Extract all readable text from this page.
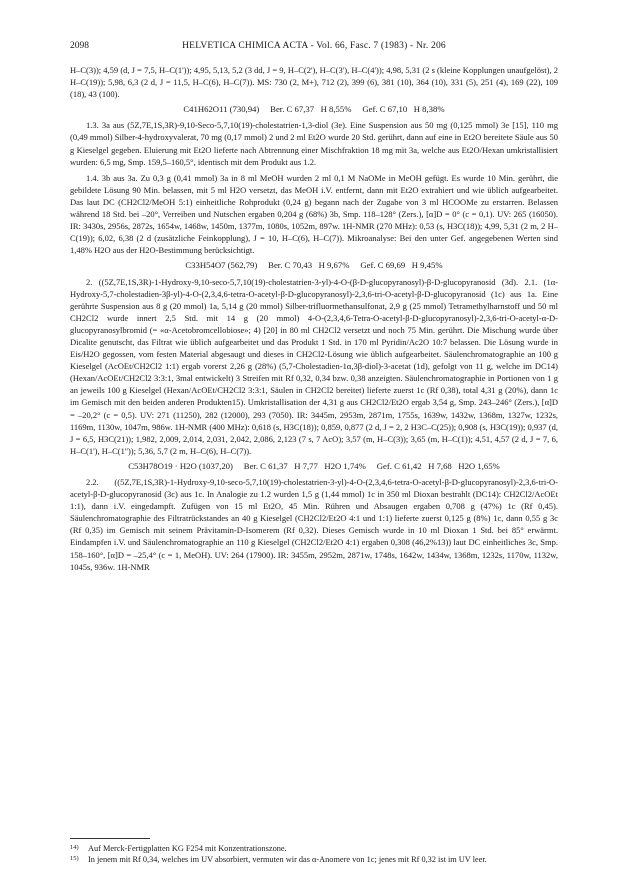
2098	HELVETICA CHIMICA ACTA - Vol. 66, Fasc. 7 (1983) - Nr. 206

H–C(3)); 4,59 (d, J = 7,5, H–C(1')); 4,95, 5,13, 5,2 (3 dd, J = 9, H–C(2'), H–C(3'), H–C(4')); 4,98, 5,31 (2 s (kleine Kopplungen unaufgelöst), 2 H–C(19)); 5,98, 6,3 (2 d, J = 11,5, H–C(6), H–C(7)). MS: 730 (2, M+), 712 (2), 399 (6), 381 (10), 364 (10), 331 (5), 251 (4), 169 (22), 109 (18), 43 (100).

C41H62O11 (730,94)     Ber. C 67,37   H 8,55%     Gef. C 67,10   H 8,38%

1.3. 3a aus (5Z,7E,1S,3R)-9,10-Seco-5,7,10(19)-cholestatrien-1,3-diol (3e). Eine Suspension aus 50 mg (0,125 mmol) 3e [15], 110 mg (0,49 mmol) Silber-4-hydroxyvalerat, 70 mg (0,17 mmol) 2 und 2 ml Et2O wurde 20 Std. gerührt, dann auf eine in Et2O bereitete Säule aus 50 g Kieselgel gegeben. Eluierung mit Et2O lieferte nach Abtrennung einer Mischfraktion 18 mg mit 3a, welche aus Et2O/Hexan umkristallisiert wurden: 6,5 mg, Smp. 159,5–160,5°, identisch mit dem Produkt aus 1.2.

1.4. 3b aus 3a. Zu 0,3 g (0,41 mmol) 3a in 8 ml MeOH wurden 2 ml 0,1 M NaOMe in MeOH gefügt. Es wurde 10 Min. gerührt, die gebildete Lösung 90 Min. belassen, mit 5 ml H2O versetzt, das MeOH i.V. entfernt, dann mit Et2O extrahiert und wie üblich aufgearbeitet. Das laut DC (CH2Cl2/MeOH 5:1) einheitliche Rohprodukt (0,24 g) begann nach der Zugabe von 3 ml HCOOMe zu erstarren. Belassen während 18 Std. bei –20°, Verreiben und Nutschen ergaben 0,204 g (68%) 3b, Smp. 118–128° (Zers.), [α]D = 0° (c = 0,1). UV: 265 (16050). IR: 3430s, 2956s, 2872s, 1654w, 1468w, 1450m, 1377m, 1080s, 1052m, 897w. 1H-NMR (270 MHz): 0,53 (s, H3C(18)); 4,99, 5,31 (2 m, 2 H–C(19)); 6,02, 6,38 (2 d (zusätzliche Feinkopplung), J = 10, H–C(6), H–C(7)). Mikroanalyse: Bei den unter Gef. angegebenen Werten sind 1,48% H2O aus der H2O-Bestimmung berücksichtigt.

C33H54O7 (562,79)     Ber. C 70,43   H 9,67%     Gef. C 69,69   H 9,45%

2. ((5Z,7E,1S,3R)-1-Hydroxy-9,10-seco-5,7,10(19)-cholestatrien-3-yl)-4-O-(β-D-glucopyranosyl)-β-D-glucopyranosid (3d). 2.1. (1α-Hydroxy-5,7-cholestadien-3β-yl)-4-O-(2,3,4,6-tetra-O-acetyl-β-D-glucopyranosyl)-2,3,6-tri-O-acetyl-β-D-glucopyranosid (1c) aus 1a. Eine gerührte Suspension aus 8 g (20 mmol) 1a, 5,14 g (20 mmol) Silber-trifluormethansulfonat, 2,9 g (25 mmol) Tetramethylharnstoff und 50 ml CH2Cl2 wurde innert 2,5 Std. mit 14 g (20 mmol) 4-O-(2,3,4,6-Tetra-O-acetyl-β-D-glucopyranosyl)-2,3,6-tri-O-acetyl-α-D-glucopyranosylbromid (= «α-Acetobromcellobiose»; 4) [20] in 80 ml CH2Cl2 versetzt und noch 75 Min. gerührt. Die Mischung wurde über Dicalite genutscht, das Filtrat wie üblich aufgearbeitet und das Produkt 1 Std. in 170 ml Pyridin/Ac2O 10:7 belassen. Die Lösung wurde in Eis/H2O gegossen, vom festen Material abgesaugt und dieses in CH2Cl2-Lösung wie üblich aufgearbeitet. Säulenchromatographie an 100 g Kieselgel (AcOEt/CH2Cl2 1:1) ergab vorerst 2,26 g (28%) (5,7-Cholestadien-1α,3β-diol)-3-acetat (1d), gefolgt von 11 g, welche im DC14) (Hexan/AcOEt/CH2Cl2 3:3:1, 3mal entwickelt) 3 Streifen mit Rf 0,32, 0,34 bzw. 0,38 anzeigten. Säulenchromatographie in Portionen von 1 g an jeweils 100 g Kieselgel (Hexan/AcOEt/CH2Cl2 3:3:1, Säulen in CH2Cl2 bereitet) lieferte zuerst 1c (Rf 0,38), total 4,31 g (20%), dann 1c im Gemisch mit den beiden anderen Produkten15). Umkristallisation der 4,31 g aus CH2Cl2/Et2O ergab 3,54 g, Smp. 243–246° (Zers.), [α]D = –20,2° (c = 0,5). UV: 271 (11250), 282 (12000), 293 (7050). IR: 3445m, 2953m, 2871m, 1755s, 1639w, 1432w, 1368m, 1327w, 1232s, 1169m, 1130w, 1047m, 986w. 1H-NMR (400 MHz): 0,618 (s, H3C(18)); 0,859, 0,877 (2 d, J = 2, 2 H3C–C(25)); 0,908 (s, H3C(19)); 0,937 (d, J = 6,5, H3C(21)); 1,982, 2,009, 2,014, 2,031, 2,042, 2,086, 2,123 (7 s, 7 AcO); 3,57 (m, H–C(3)); 3,65 (m, H–C(1)); 4,51, 4,57 (2 d, J = 7, 6, H–C(1'), H–C(1'')); 5,36, 5,7 (2 m, H–C(6), H–C(7)).

C53H78O19 · H2O (1037,20)     Ber. C 61,37   H 7,77   H2O 1,74%     Gef. C 61,42   H 7,68   H2O 1,65%

2.2. ((5Z,7E,1S,3R)-1-Hydroxy-9,10-seco-5,7,10(19)-cholestatrien-3-yl)-4-O-(2,3,4,6-tetra-O-acetyl-β-D-glucopyranosyl)-2,3,6-tri-O-acetyl-β-D-glucopyranosid (3c) aus 1c. In Analogie zu 1.2 wurden 1,5 g (1,44 mmol) 1c in 350 ml Dioxan bestrahlt (DC14): CH2Cl2/AcOEt 1:1), dann i.V. eingedampft. Zufügen von 15 ml Et2O, 45 Min. Rühren und Absaugen ergaben 0,708 g (47%) 1c (Rf 0,45). Säulenchromatographie des Filtratrückstandes an 40 g Kieselgel (CH2Cl2/Et2O 4:1 und 1:1) lieferte zuerst 0,125 g (8%) 1c, dann 0,55 g 3c (Rf 0,35) im Gemisch mit seinem Prävitamin-D-Isomerem (Rf 0,32). Dieses Gemisch wurde in 10 ml Dioxan 1 Std. bei 85° erwärmt. Eindampfen i.V. und Säulenchromatographie an 110 g Kieselgel (CH2Cl2/Et2O 4:1) ergaben 0,308 (46,2%13)) laut DC einheitliches 3c, Smp. 158–160°, [α]D = –25,4° (c = 1, MeOH). UV: 264 (17900). IR: 3455m, 2952m, 2871w, 1748s, 1642w, 1434w, 1368m, 1232s, 1170w, 1132w, 1045s, 936w. 1H-NMR

14)	Auf Merck-Fertigplatten KG F254 mit Konzentrationszone.
15)	In jenem mit Rf 0,34, welches im UV absorbiert, vermuten wir das α-Anomere von 1c; jenes mit Rf 0,32 ist im UV leer.
